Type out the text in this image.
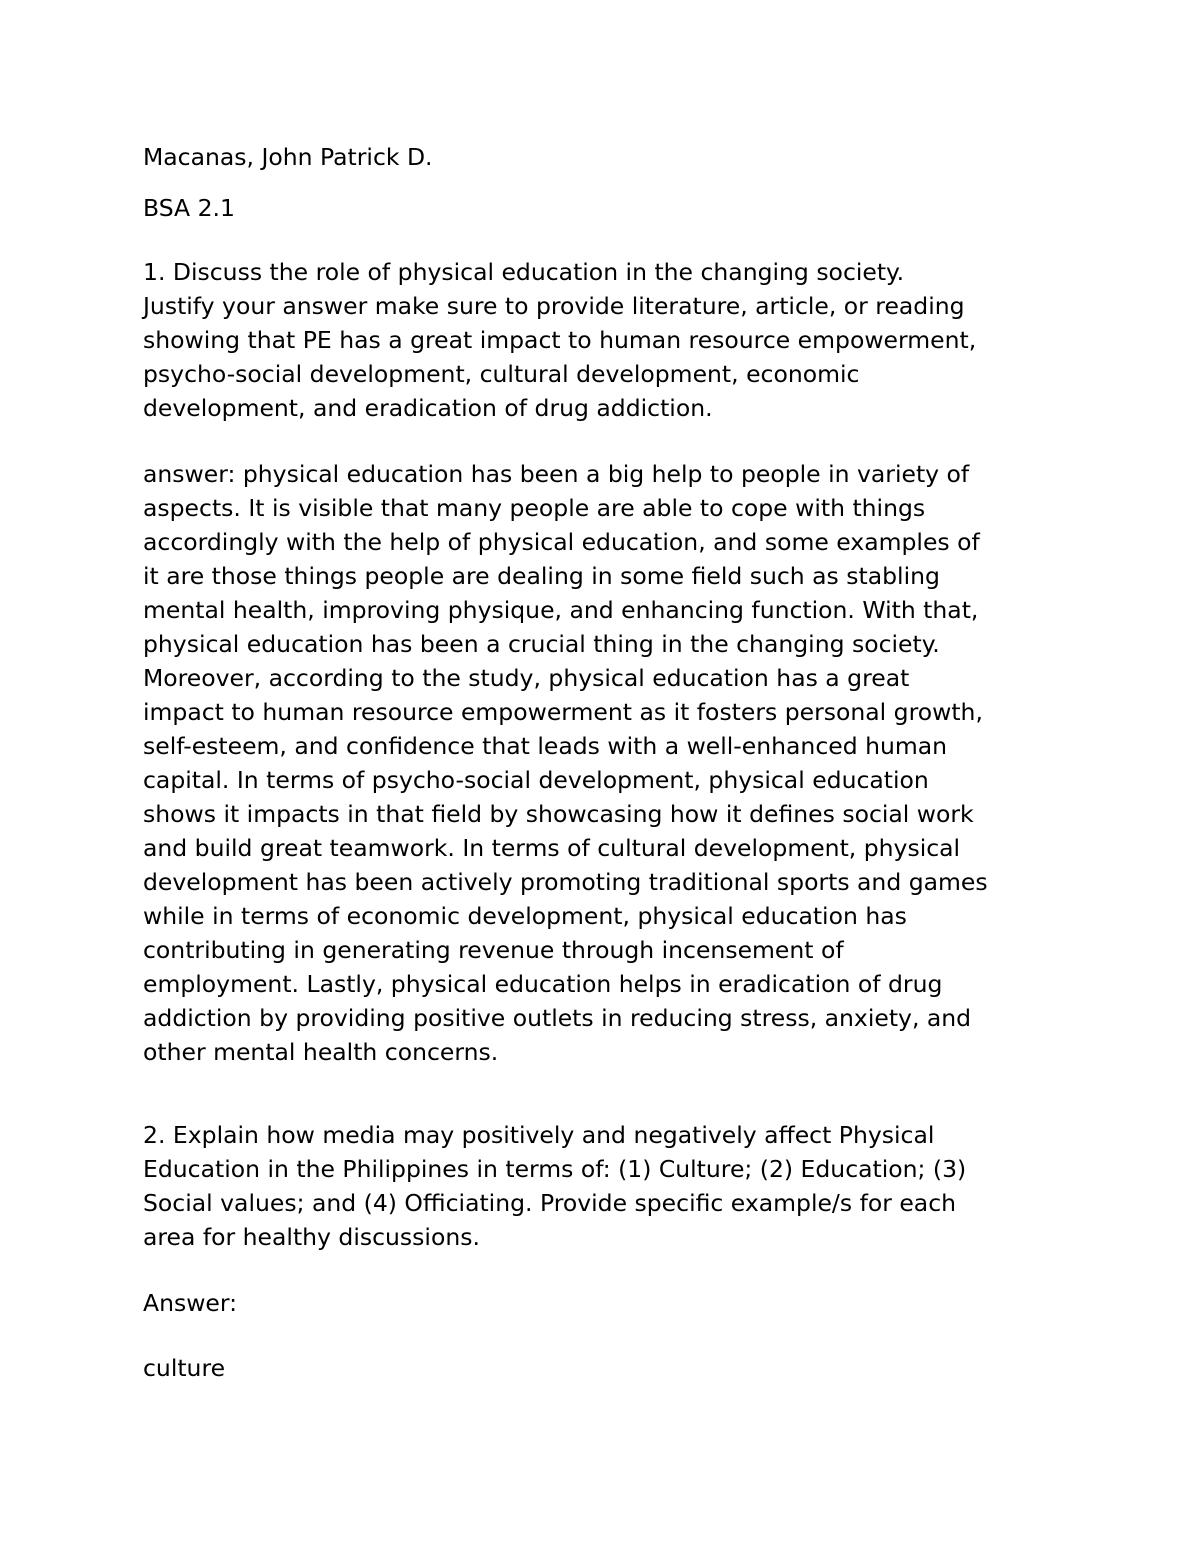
Macanas, John Patrick D.

BSA 2.1

1. Discuss the role of physical education in the changing society.
Justify your answer make sure to provide literature, article, or reading
showing that PE has a great impact to human resource empowerment,
psycho-social development, cultural development, economic
development, and eradication of drug addiction.
answer: physical education has been a big help to people in variety of
aspects. It is visible that many people are able to cope with things
accordingly with the help of physical education, and some examples of
it are those things people are dealing in some field such as stabling
mental health, improving physique, and enhancing function. With that,
physical education has been a crucial thing in the changing society.
Moreover, according to the study, physical education has a great
impact to human resource empowerment as it fosters personal growth,
self-esteem, and confidence that leads with a well-enhanced human
capital. In terms of psycho-social development, physical education
shows it impacts in that field by showcasing how it defines social work
and build great teamwork. In terms of cultural development, physical
development has been actively promoting traditional sports and games
while in terms of economic development, physical education has
contributing in generating revenue through incensement of
employment. Lastly, physical education helps in eradication of drug
addiction by providing positive outlets in reducing stress, anxiety, and
other mental health concerns.
2. Explain how media may positively and negatively affect Physical
Education in the Philippines in terms of: (1) Culture; (2) Education; (3)
Social values; and (4) Officiating. Provide specific example/s for each
area for healthy discussions.

Answer:

culture
